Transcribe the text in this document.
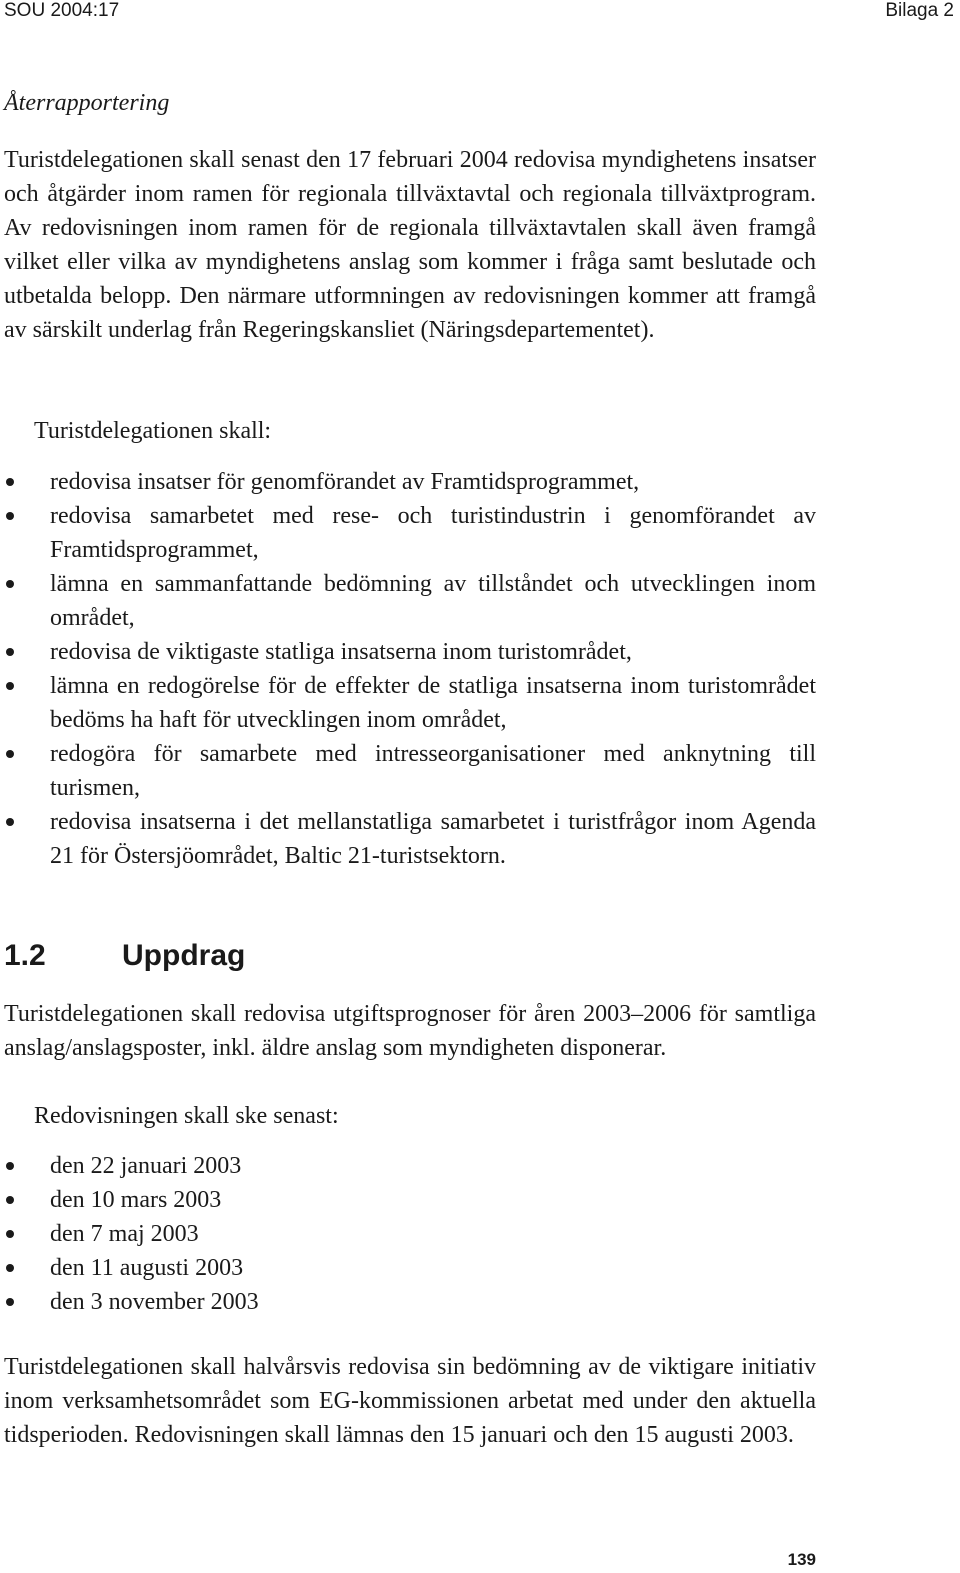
SOU 2004:17	Bilaga 2

Återrapportering

Turistdelegationen skall senast den 17 februari 2004 redovisa myndighetens insatser och åtgärder inom ramen för regionala tillväxtavtal och regionala tillväxtprogram. Av redovisningen inom ramen för de regionala tillväxtavtalen skall även framgå vilket eller vilka av myndighetens anslag som kommer i fråga samt beslutade och utbetalda belopp. Den närmare utformningen av redovisningen kommer att framgå av särskilt underlag från Regeringskansliet (Näringsdepartementet).

Turistdelegationen skall:

redovisa insatser för genomförandet av Framtidsprogrammet,
redovisa samarbetet med rese- och turistindustrin i genomförandet av Framtidsprogrammet,
lämna en sammanfattande bedömning av tillståndet och utvecklingen inom området,
redovisa de viktigaste statliga insatserna inom turistområdet,
lämna en redogörelse för de effekter de statliga insatserna inom turistområdet bedöms ha haft för utvecklingen inom området,
redogöra för samarbete med intresseorganisationer med anknytning till turismen,
redovisa insatserna i det mellanstatliga samarbetet i turistfrågor inom Agenda 21 för Östersjöområdet, Baltic 21-turistsektorn.
1.2	Uppdrag

Turistdelegationen skall redovisa utgiftsprognoser för åren 2003–2006 för samtliga anslag/anslagsposter, inkl. äldre anslag som myndigheten disponerar.

Redovisningen skall ske senast:

den 22 januari 2003
den 10 mars 2003
den 7 maj 2003
den 11 augusti 2003
den 3 november 2003

Turistdelegationen skall halvårsvis redovisa sin bedömning av de viktigare initiativ inom verksamhetsområdet som EG-kommissionen arbetat med under den aktuella tidsperioden. Redovisningen skall lämnas den 15 januari och den 15 augusti 2003.

139
